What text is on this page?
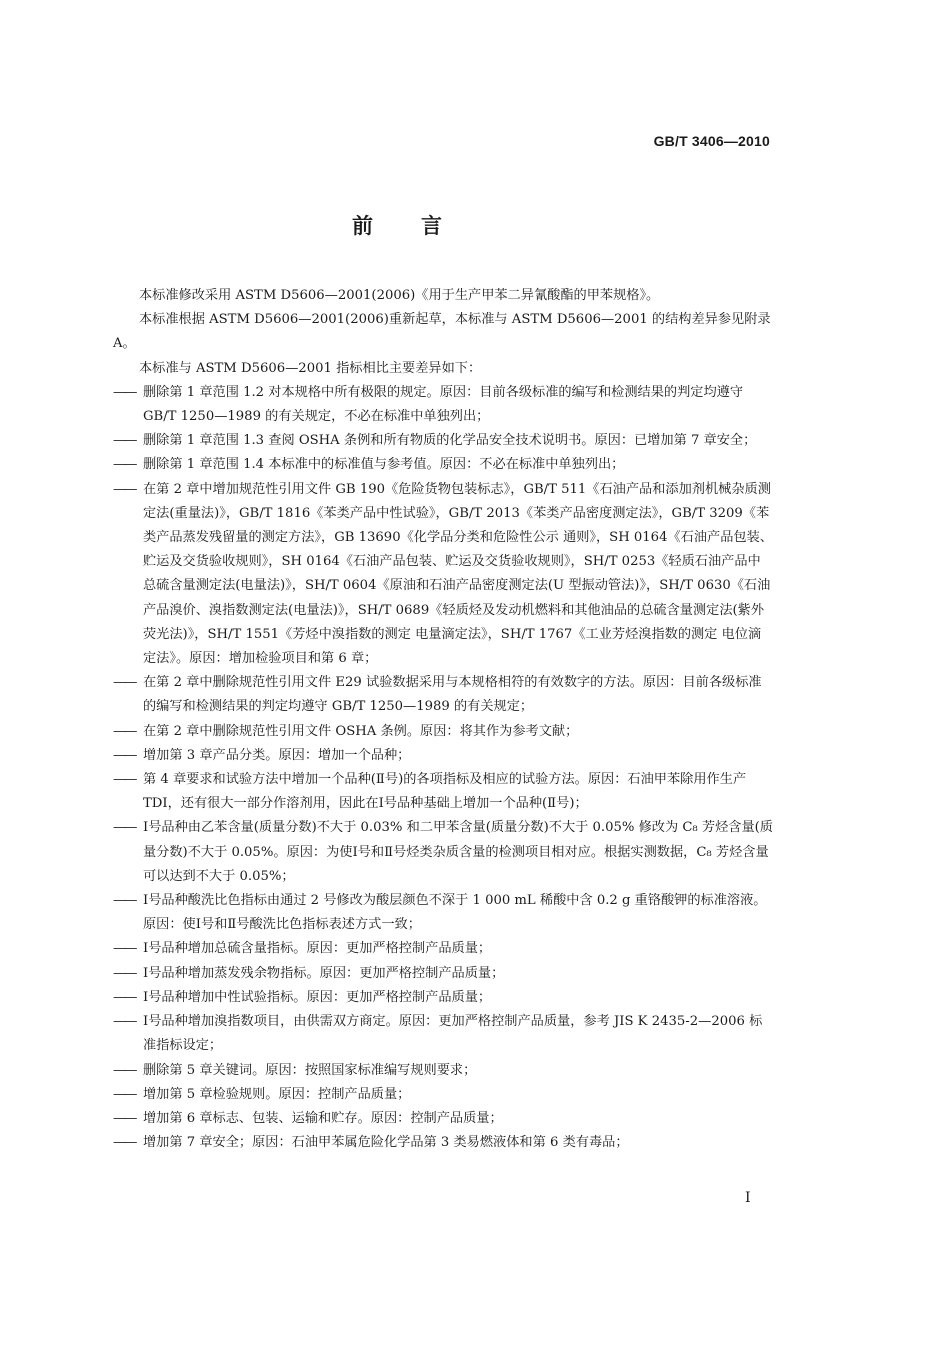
GB/T 3406—2010
前言

本标准修改采用 ASTM D5606—2001(2006)《用于生产甲苯二异氰酸酯的甲苯规格》。

本标准根据 ASTM D5606—2001(2006)重新起草，本标准与 ASTM D5606—2001 的结构差异参见附录 A。

本标准与 ASTM D5606—2001 指标相比主要差异如下：

—— 删除第 1 章范围 1.2 对本规格中所有极限的规定。原因：目前各级标准的编写和检测结果的判定均遵守 GB/T 1250—1989 的有关规定，不必在标准中单独列出；

—— 删除第 1 章范围 1.3 查阅 OSHA 条例和所有物质的化学品安全技术说明书。原因：已增加第 7 章安全；

—— 删除第 1 章范围 1.4 本标准中的标准值与参考值。原因：不必在标准中单独列出；

—— 在第 2 章中增加规范性引用文件 GB 190《危险货物包装标志》，GB/T 511《石油产品和添加剂机械杂质测定法(重量法)》，GB/T 1816《苯类产品中性试验》，GB/T 2013《苯类产品密度测定法》，GB/T 3209《苯类产品蒸发残留量的测定方法》，GB 13690《化学品分类和危险性公示 通则》，SH 0164《石油产品包装、贮运及交货验收规则》，SH 0164《石油产品包装、贮运及交货验收规则》，SH/T 0253《轻质石油产品中总硫含量测定法(电量法)》，SH/T 0604《原油和石油产品密度测定法(U 型振动管法)》，SH/T 0630《石油产品溴价、溴指数测定法(电量法)》，SH/T 0689《轻质烃及发动机燃料和其他油品的总硫含量测定法(紫外荧光法)》，SH/T 1551《芳烃中溴指数的测定 电量滴定法》，SH/T 1767《工业芳烃溴指数的测定 电位滴定法》。原因：增加检验项目和第 6 章；

—— 在第 2 章中删除规范性引用文件 E29 试验数据采用与本规格相符的有效数字的方法。原因：目前各级标准的编写和检测结果的判定均遵守 GB/T 1250—1989 的有关规定；

—— 在第 2 章中删除规范性引用文件 OSHA 条例。原因：将其作为参考文献；

—— 增加第 3 章产品分类。原因：增加一个品种；

—— 第 4 章要求和试验方法中增加一个品种(Ⅱ号)的各项指标及相应的试验方法。原因：石油甲苯除用作生产 TDI，还有很大一部分作溶剂用，因此在Ⅰ号品种基础上增加一个品种(Ⅱ号)；

—— Ⅰ号品种由乙苯含量(质量分数)不大于 0.03% 和二甲苯含量(质量分数)不大于 0.05% 修改为 C₈ 芳烃含量(质量分数)不大于 0.05%。原因：为使Ⅰ号和Ⅱ号烃类杂质含量的检测项目相对应。根据实测数据，C₈ 芳烃含量可以达到不大于 0.05%；

—— Ⅰ号品种酸洗比色指标由通过 2 号修改为酸层颜色不深于 1 000 mL 稀酸中含 0.2 g 重铬酸钾的标准溶液。原因：使Ⅰ号和Ⅱ号酸洗比色指标表述方式一致；

—— Ⅰ号品种增加总硫含量指标。原因：更加严格控制产品质量；

—— Ⅰ号品种增加蒸发残余物指标。原因：更加严格控制产品质量；

—— Ⅰ号品种增加中性试验指标。原因：更加严格控制产品质量；

—— Ⅰ号品种增加溴指数项目，由供需双方商定。原因：更加严格控制产品质量，参考 JIS K 2435-2—2006 标准指标设定；

—— 删除第 5 章关键词。原因：按照国家标准编写规则要求；

—— 增加第 5 章检验规则。原因：控制产品质量；

—— 增加第 6 章标志、包装、运输和贮存。原因：控制产品质量；

—— 增加第 7 章安全；原因：石油甲苯属危险化学品第 3 类易燃液体和第 6 类有毒品；

Ⅰ
